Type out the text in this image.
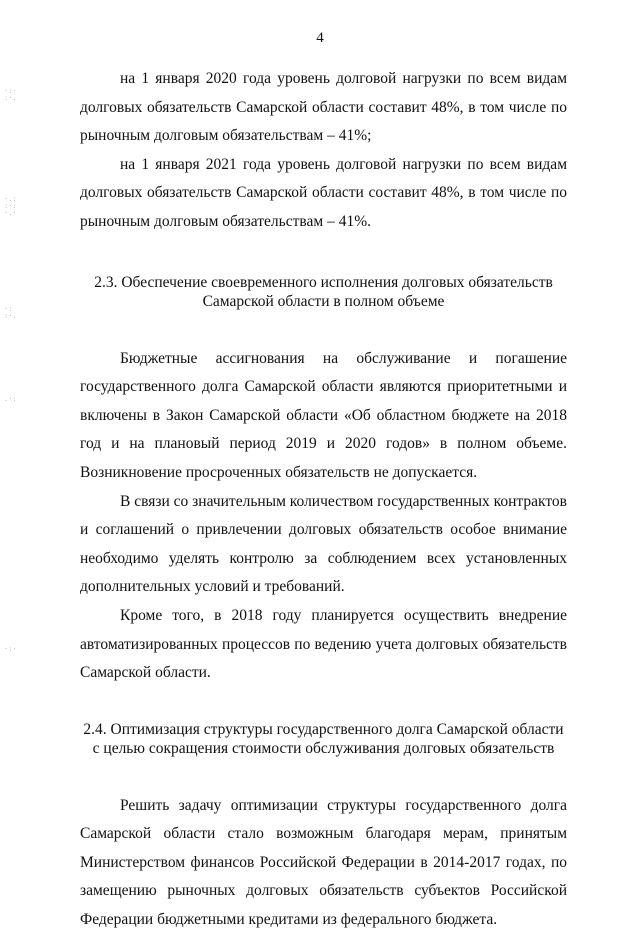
·:·
:·.
·.:
:·:
·.·
·:
:·.
.·:
·:·
4

на 1 января 2020 года уровень долговой нагрузки по всем видам долговых обязательств Самарской области составит 48%, в том числе по рыночным долговым обязательствам – 41%;

на 1 января 2021 года уровень долговой нагрузки по всем видам долговых обязательств Самарской области составит 48%, в том числе по рыночным долговым обязательствам – 41%.

2.3. Обеспечение своевременного исполнения долговых обязательств
Самарской области в полном объеме

Бюджетные ассигнования на обслуживание и погашение государственного долга Самарской области являются приоритетными и включены в Закон Самарской области «Об областном бюджете на 2018 год и на плановый период 2019 и 2020 годов» в полном объеме. Возникновение просроченных обязательств не допускается.

В связи со значительным количеством государственных контрактов и соглашений о привлечении долговых обязательств особое внимание необходимо уделять контролю за соблюдением всех установленных дополнительных условий и требований.

Кроме того, в 2018 году планируется осуществить внедрение автоматизированных процессов по ведению учета долговых обязательств Самарской области.

2.4. Оптимизация структуры государственного долга Самарской области
с целью сокращения стоимости обслуживания долговых обязательств

Решить задачу оптимизации структуры государственного долга Самарской области стало возможным благодаря мерам, принятым Министерством финансов Российской Федерации в 2014-2017 годах, по замещению рыночных долговых обязательств субъектов Российской Федерации бюджетными кредитами из федерального бюджета.
